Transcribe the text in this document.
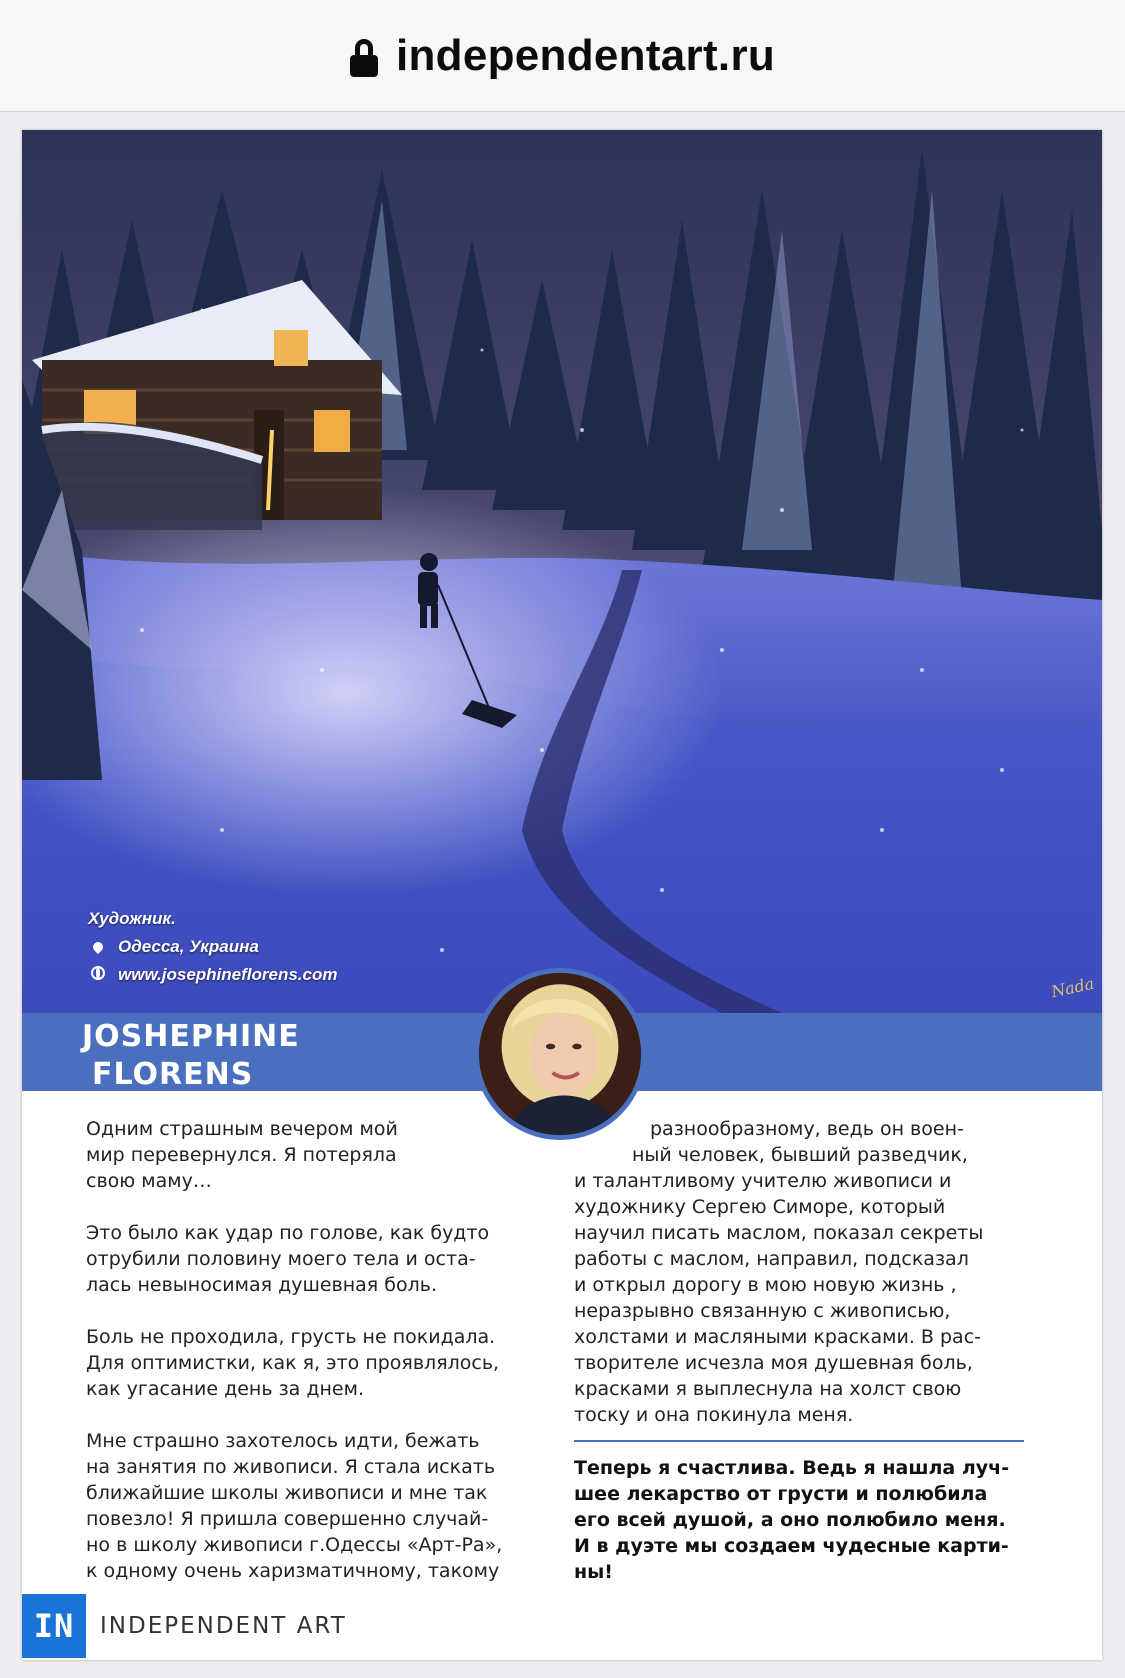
independentart.ru
Художник.
Одесса, Украина
www.josephineflorens.com	Nada
JOSHEPHINE
FLORENS

Одним страшным вечером мой
мир перевернулся. Я потеряла
свою маму…

Это было как удар по голове, как будто
отрубили половину моего тела и оста-
лась невыносимая душевная боль.

Боль не проходила, грусть не покидала.
Для оптимистки, как я, это проявлялось,
как угасание день за днем.

Мне страшно захотелось идти, бежать
на занятия по живописи. Я стала искать
ближайшие школы живописи и мне так
повезло! Я пришла совершенно случай-
но в школу живописи г.Одессы «Арт-Ра»,
к одному очень харизматичному, такому

разнообразному, ведь он воен-
ный человек, бывший разведчик,
и талантливому учителю живописи и
художнику Сергею Симоре, который
научил писать маслом, показал секреты
работы с маслом, направил, подсказал
и открыл дорогу в мою новую жизнь ,
неразрывно связанную с живописью,
холстами и масляными красками. В рас-
творителе исчезла моя душевная боль,
красками я выплеснула на холст свою
тоску и она покинула меня.
Теперь я счастлива. Ведь я нашла луч-
шее лекарство от грусти и полюбила
его всей душой, а оно полюбило меня.
И в дуэте мы создаем чудесные карти-
ны!
IN	INDEPENDENT ART
